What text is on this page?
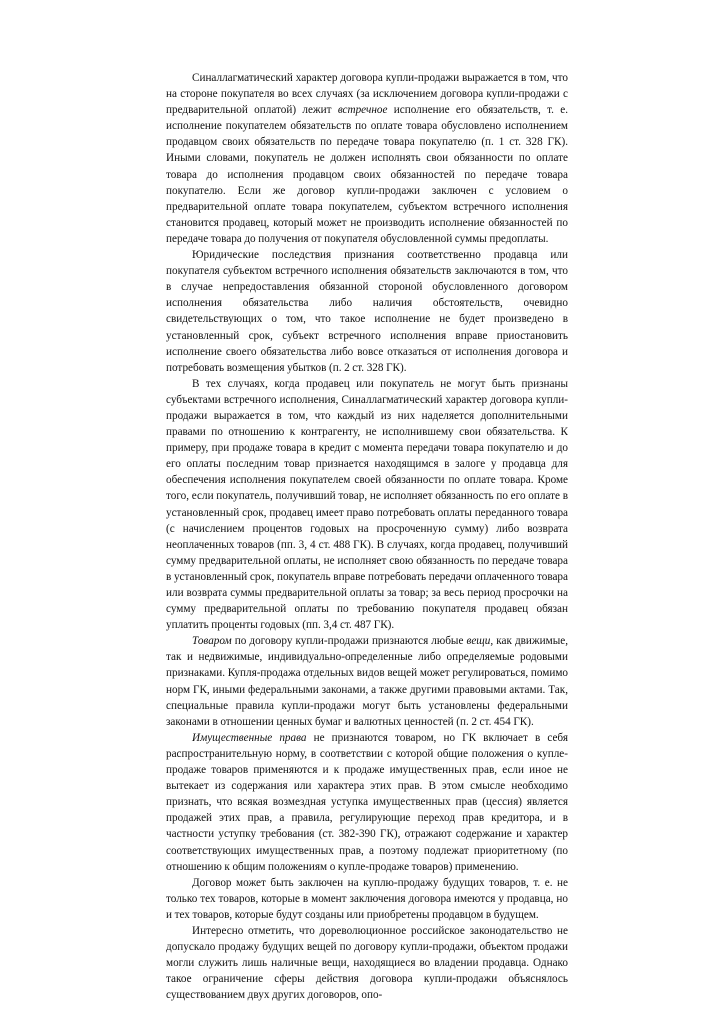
Синаллагматический характер договора купли-продажи выражается в том, что на стороне покупателя во всех случаях (за исключением договора купли-продажи с предварительной оплатой) лежит встречное исполнение его обязательств, т. е. исполнение покупателем обязательств по оплате товара обусловлено исполнением продавцом своих обязательств по передаче товара покупателю (п. 1 ст. 328 ГК). Иными словами, покупатель не должен исполнять свои обязанности по оплате товара до исполнения продавцом своих обязанностей по передаче товара покупателю. Если же договор купли-продажи заключен с условием о предварительной оплате товара покупателем, субъектом встречного исполнения становится продавец, который может не производить исполнение обязанностей по передаче товара до получения от покупателя обусловленной суммы предоплаты.

Юридические последствия признания соответственно продавца или покупателя субъектом встречного исполнения обязательств заключаются в том, что в случае непредоставления обязанной стороной обусловленного договором исполнения обязательства либо наличия обстоятельств, очевидно свидетельствующих о том, что такое исполнение не будет произведено в установленный срок, субъект встречного исполнения вправе приостановить исполнение своего обязательства либо вовсе отказаться от исполнения договора и потребовать возмещения убытков (п. 2 ст. 328 ГК).

В тех случаях, когда продавец или покупатель не могут быть признаны субъектами встречного исполнения, Синаллагматический характер договора купли-продажи выражается в том, что каждый из них наделяется дополнительными правами по отношению к контрагенту, не исполнившему свои обязательства. К примеру, при продаже товара в кредит с момента передачи товара покупателю и до его оплаты последним товар признается находящимся в залоге у продавца для обеспечения исполнения покупателем своей обязанности по оплате товара. Кроме того, если покупатель, получивший товар, не исполняет обязанность по его оплате в установленный срок, продавец имеет право потребовать оплаты переданного товара (с начислением процентов годовых на просроченную сумму) либо возврата неоплаченных товаров (пп. 3, 4 ст. 488 ГК). В случаях, когда продавец, получивший сумму предварительной оплаты, не исполняет свою обязанность по передаче товара в установленный срок, покупатель вправе потребовать передачи оплаченного товара или возврата суммы предварительной оплаты за товар; за весь период просрочки на сумму предварительной оплаты по требованию покупателя продавец обязан уплатить проценты годовых (пп. 3,4 ст. 487 ГК).

Товаром по договору купли-продажи признаются любые вещи, как движимые, так и недвижимые, индивидуально-определенные либо определяемые родовыми признаками. Купля-продажа отдельных видов вещей может регулироваться, помимо норм ГК, иными федеральными законами, а также другими правовыми актами. Так, специальные правила купли-продажи могут быть установлены федеральными законами в отношении ценных бумаг и валютных ценностей (п. 2 ст. 454 ГК).

Имущественные права не признаются товаром, но ГК включает в себя распространительную норму, в соответствии с которой общие положения о купле-продаже товаров применяются и к продаже имущественных прав, если иное не вытекает из содержания или характера этих прав. В этом смысле необходимо признать, что всякая возмездная уступка имущественных прав (цессия) является продажей этих прав, а правила, регулирующие переход прав кредитора, и в частности уступку требования (ст. 382-390 ГК), отражают содержание и характер соответствующих имущественных прав, а поэтому подлежат приоритетному (по отношению к общим положениям о купле-продаже товаров) применению.

Договор может быть заключен на куплю-продажу будущих товаров, т. е. не только тех товаров, которые в момент заключения договора имеются у продавца, но и тех товаров, которые будут созданы или приобретены продавцом в будущем.

Интересно отметить, что дореволюционное российское законодательство не допускало продажу будущих вещей по договору купли-продажи, объектом продажи могли служить лишь наличные вещи, находящиеся во владении продавца. Однако такое ограничение сферы действия договора купли-продажи объяснялось существованием двух других договоров, опо-
